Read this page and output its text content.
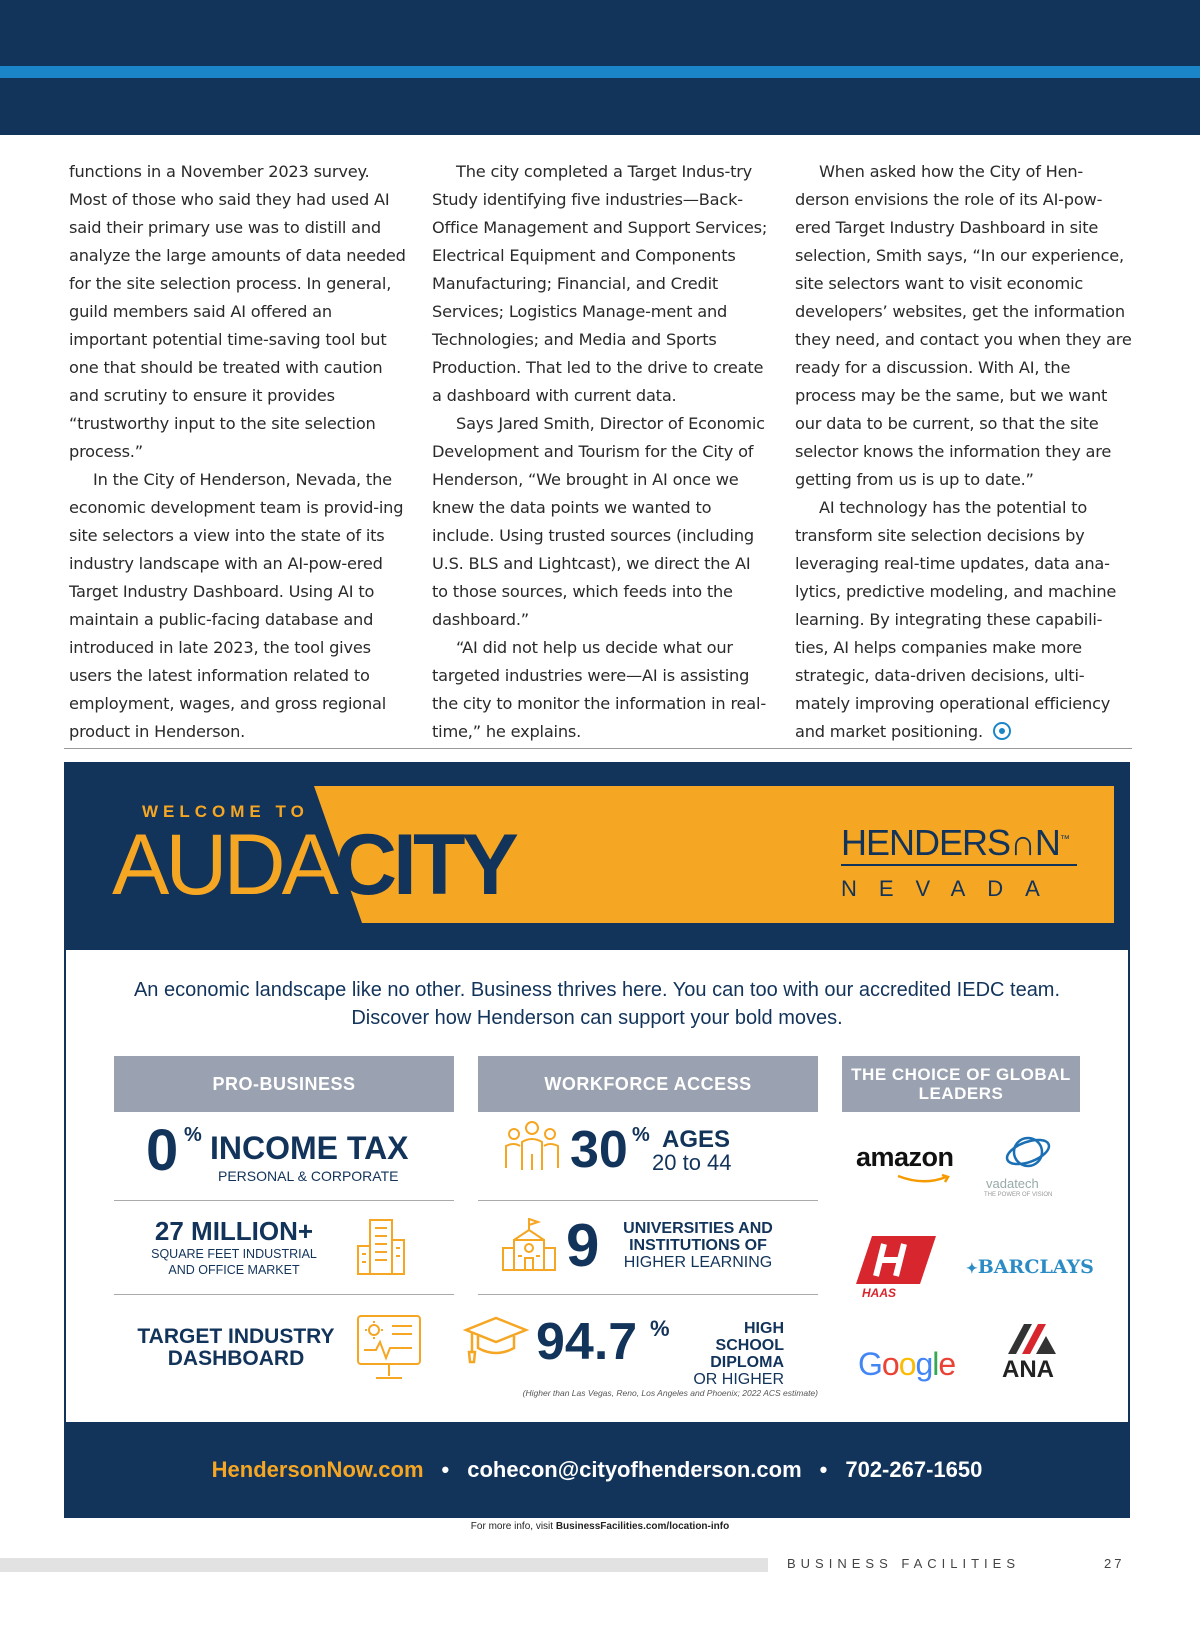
functions in a November 2023 survey. Most of those who said they had used AI said their primary use was to distill and analyze the large amounts of data needed for the site selection process. In general, guild members said AI offered an important potential time-saving tool but one that should be treated with caution and scrutiny to ensure it provides “trustworthy input to the site selection process.”

In the City of Henderson, Nevada, the economic development team is provid-ing site selectors a view into the state of its industry landscape with an AI-pow-ered Target Industry Dashboard. Using AI to maintain a public-facing database and introduced in late 2023, the tool gives users the latest information related to employment, wages, and gross regional product in Henderson.

The city completed a Target Indus-try Study identifying five industries—Back-Office Management and Support Services; Electrical Equipment and Components Manufacturing; Financial, and Credit Services; Logistics Manage-ment and Technologies; and Media and Sports Production. That led to the drive to create a dashboard with current data.

Says Jared Smith, Director of Economic Development and Tourism for the City of Henderson, “We brought in AI once we knew the data points we wanted to include. Using trusted sources (including U.S. BLS and Lightcast), we direct the AI to those sources, which feeds into the dashboard.”

“AI did not help us decide what our targeted industries were—AI is assisting the city to monitor the information in real-time,” he explains.

When asked how the City of Hen-derson envisions the role of its AI-pow-ered Target Industry Dashboard in site selection, Smith says, “In our experience, site selectors want to visit economic developers’ websites, get the information they need, and contact you when they are ready for a discussion. With AI, the process may be the same, but we want our data to be current, so that the site selector knows the information they are getting from us is up to date.”

AI technology has the potential to transform site selection decisions by leveraging real-time updates, data ana-lytics, predictive modeling, and machine learning. By integrating these capabili-ties, AI helps companies make more strategic, data-driven decisions, ulti-mately improving operational efficiency and market positioning.

WELCOME TO
AUDACITY	HENDERS∩N™
NEVADA
An economic landscape like no other. Business thrives here. You can too with our accredited IEDC team.
Discover how Henderson can support your bold moves.
PRO-BUSINESS	WORKFORCE ACCESS	THE CHOICE OF GLOBAL LEADERS
0 % INCOME TAX
PERSONAL & CORPORATE
27 MILLION+
SQUARE FEET INDUSTRIAL
AND OFFICE MARKET
TARGET INDUSTRY
DASHBOARD
30 % AGES
20 to 44
9	UNIVERSITIES AND
INSTITUTIONS OF
HIGHER LEARNING
94.7 %	HIGH SCHOOL
DIPLOMA
OR HIGHER
(Higher than Las Vegas, Reno, Los Angeles and Phoenix; 2022 ACS estimate)
amazon
vadatech
THE POWER OF VISION
HAAS
✦BARCLAYS
Google ANA
HendersonNow.com • cohecon@cityofhenderson.com • 702-267-1650
For more info, visit BusinessFacilities.com/location-info
BUSINESS FACILITIES	27
